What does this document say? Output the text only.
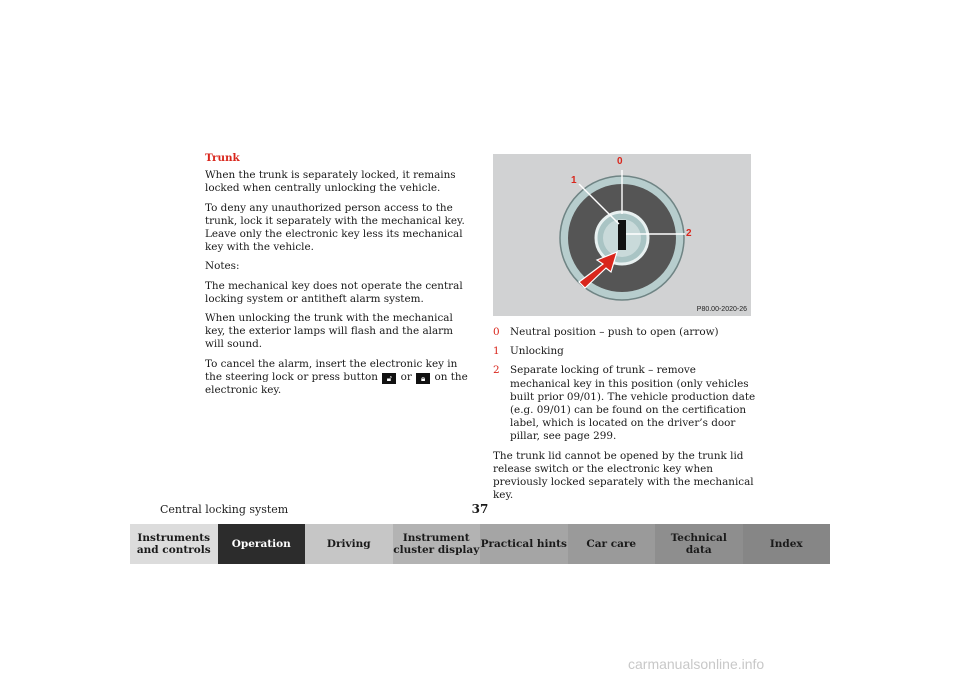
Trunk

When the trunk is separately locked, it remains locked when centrally unlocking the vehicle.

To deny any unauthorized person access to the trunk, lock it separately with the mechanical key. Leave only the electronic key less its mechanical key with the vehicle.

Notes:

The mechanical key does not operate the central locking system or antitheft alarm system.

When unlocking the trunk with the mechanical key, the exterior lamps will flash and the alarm will sound.

To cancel the alarm, insert the electronic key in the steering lock or press button 🔓︎ or 🔒︎ on the electronic key.

0
1
2
P80.00-2020-26
0 Neutral position – push to open (arrow)
1 Unlocking
2 Separate locking of trunk – remove mechanical key in this position (only vehicles built prior 09/01). The vehicle production date (e.g. 09/01) can be found on the certification label, which is located on the driver’s door pillar, see page 299.

The trunk lid cannot be opened by the trunk lid release switch or the electronic key when previously locked separately with the mechanical key.

Central locking system	37
Instruments
and controls	Operation	Driving	Instrument
cluster display Practical hints	Car care	Technical
data	Index
carmanualsonline.info
